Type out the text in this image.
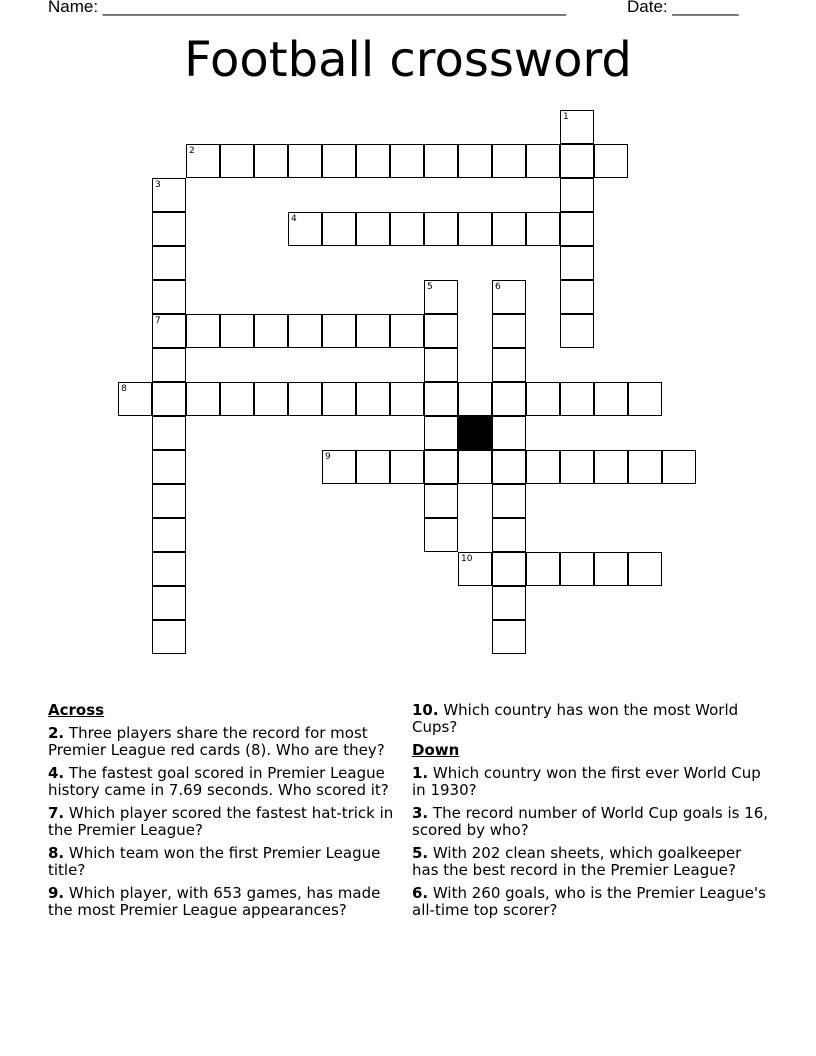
Name: _________________________________________________	Date: _______
Football crossword
1
2
3
7
4
5	6
8
9
10
Across
2. Three players share the record for most Premier League red cards (8). Who are they?
4. The fastest goal scored in Premier League history came in 7.69 seconds. Who scored it?
7. Which player scored the fastest hat-trick in the Premier League?
8. Which team won the first Premier League title?
9. Which player, with 653 games, has made the most Premier League appearances?
10. Which country has won the most World Cups?
Down
1. Which country won the first ever World Cup in 1930?
3. The record number of World Cup goals is 16, scored by who?
5. With 202 clean sheets, which goalkeeper has the best record in the Premier League?
6. With 260 goals, who is the Premier League's all-time top scorer?
